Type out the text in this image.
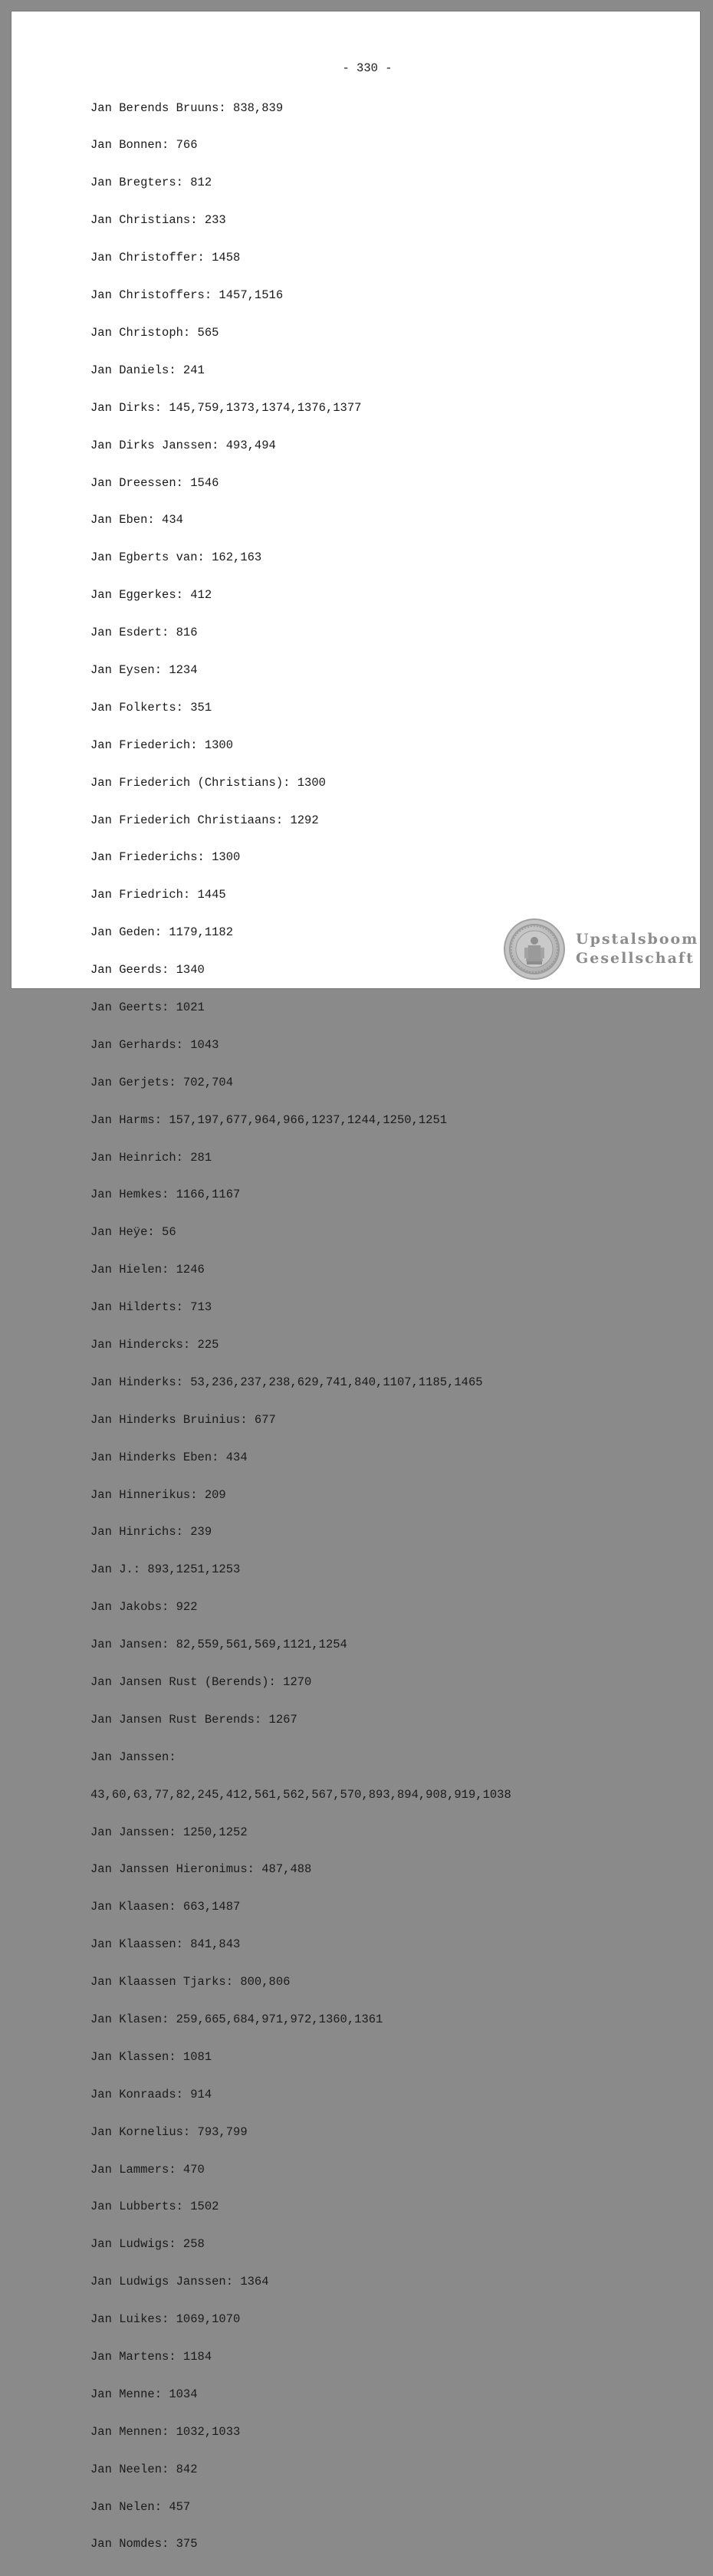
- 330 -

Jan Berends Bruuns: 838,839

Jan Bonnen: 766

Jan Bregters: 812

Jan Christians: 233

Jan Christoffer: 1458

Jan Christoffers: 1457,1516

Jan Christoph: 565

Jan Daniels: 241

Jan Dirks: 145,759,1373,1374,1376,1377

Jan Dirks Janssen: 493,494

Jan Dreessen: 1546

Jan Eben: 434

Jan Egberts van: 162,163

Jan Eggerkes: 412

Jan Esdert: 816

Jan Eysen: 1234

Jan Folkerts: 351

Jan Friederich: 1300

Jan Friederich (Christians): 1300

Jan Friederich Christiaans: 1292

Jan Friederichs: 1300

Jan Friedrich: 1445

Jan Geden: 1179,1182

Jan Geerds: 1340

Jan Geerts: 1021

Jan Gerhards: 1043

Jan Gerjets: 702,704

Jan Harms: 157,197,677,964,966,1237,1244,1250,1251

Jan Heinrich: 281

Jan Hemkes: 1166,1167

Jan Heÿe: 56

Jan Hielen: 1246

Jan Hilderts: 713

Jan Hindercks: 225

Jan Hinderks: 53,236,237,238,629,741,840,1107,1185,1465

Jan Hinderks Bruinius: 677

Jan Hinderks Eben: 434

Jan Hinnerikus: 209

Jan Hinrichs: 239

Jan J.: 893,1251,1253

Jan Jakobs: 922

Jan Jansen: 82,559,561,569,1121,1254

Jan Jansen Rust (Berends): 1270

Jan Jansen Rust Berends: 1267

Jan Janssen:

43,60,63,77,82,245,412,561,562,567,570,893,894,908,919,1038

Jan Janssen: 1250,1252

Jan Janssen Hieronimus: 487,488

Jan Klaasen: 663,1487

Jan Klaassen: 841,843

Jan Klaassen Tjarks: 800,806

Jan Klasen: 259,665,684,971,972,1360,1361

Jan Klassen: 1081

Jan Konraads: 914

Jan Kornelius: 793,799

Jan Lammers: 470

Jan Lubberts: 1502

Jan Ludwigs: 258

Jan Ludwigs Janssen: 1364

Jan Luikes: 1069,1070

Jan Martens: 1184

Jan Menne: 1034

Jan Mennen: 1032,1033

Jan Neelen: 842

Jan Nelen: 457

Jan Nomdes: 375

Upstalsboom
Gesellschaft
